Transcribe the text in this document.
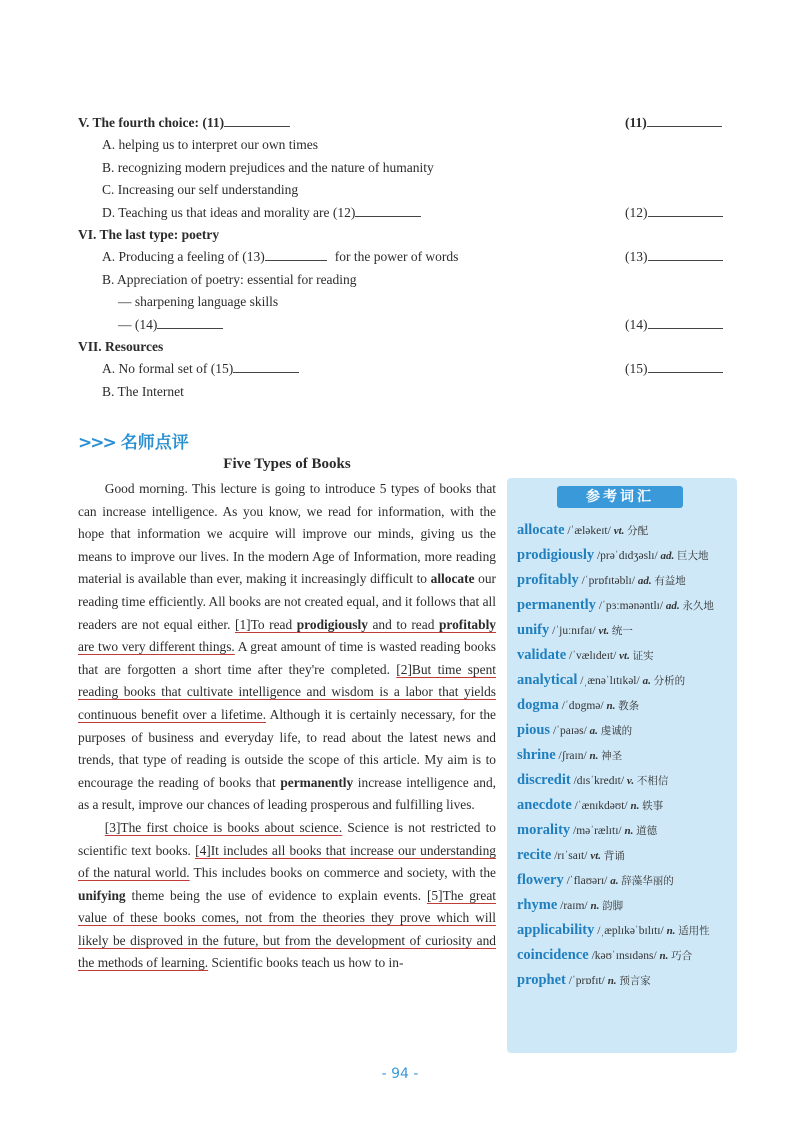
V. The fourth choice: (11)	(11)
A. helping us to interpret our own times
B. recognizing modern prejudices and the nature of humanity
C. Increasing our self understanding
D. Teaching us that ideas and morality are (12)	(12)
VI. The last type: poetry
A. Producing a feeling of (13)	for the power of words	(13)
B. Appreciation of poetry: essential for reading
— sharpening language skills
— (14)	(14)
VII. Resources
A. No formal set of (15)	(15)
B. The Internet
>>> 名师点评
Five Types of Books

Good morning. This lecture is going to introduce 5 types of books that can increase intelligence. As you know, we read for information, with the hope that information we acquire will improve our minds, giving us the means to improve our lives. In the modern Age of Information, more reading material is available than ever, making it increasingly difficult to allocate our reading time efficiently. All books are not created equal, and it follows that all readers are not equal either. [1]To read prodigiously and to read profitably are two very different things. A great amount of time is wasted reading books that are forgotten a short time after they're completed. [2]But time spent reading books that cultivate intelligence and wisdom is a labor that yields continuous benefit over a lifetime. Although it is certainly necessary, for the purposes of business and everyday life, to read about the latest news and trends, that type of reading is outside the scope of this article. My aim is to encourage the reading of books that permanently increase intelligence and, as a result, improve our chances of leading prosperous and fulfilling lives.

[3]The first choice is books about science. Science is not restricted to scientific text books. [4]It includes all books that increase our understanding of the natural world. This includes books on commerce and society, with the unifying theme being the use of evidence to explain events. [5]The great value of these books comes, not from the theories they prove which will likely be disproved in the future, but from the development of curiosity and the methods of learning. Scientific books teach us how to in-

参考词汇
allocate /ˈæləkeɪt/ vt. 分配
prodigiously /prəˈdɪdʒəslɪ/ ad. 巨大地
profitably /ˈprɒfɪtəblɪ/ ad. 有益地
permanently /ˈpɜːmənəntlɪ/ ad. 永久地
unify /ˈjuːnɪfaɪ/ vt. 统一
validate /ˈvælɪdeɪt/ vt. 证实
analytical /ˌænəˈlɪtɪkəl/ a. 分析的
dogma /ˈdɒgmə/ n. 教条
pious /ˈpaɪəs/ a. 虔诚的
shrine /ʃraɪn/ n. 神圣
discredit /dɪsˈkredɪt/ v. 不相信
anecdote /ˈænɪkdəʊt/ n. 轶事
morality /məˈrælɪtɪ/ n. 道德
recite /rɪˈsaɪt/ vt. 背诵
flowery /ˈflaʊərɪ/ a. 辞藻华丽的
rhyme /raɪm/ n. 韵脚
applicability /ˌæplɪkəˈbɪlɪtɪ/ n. 适用性
coincidence /kəʊˈɪnsɪdəns/ n. 巧合
prophet /ˈprɒfɪt/ n. 预言家
- 94 -
